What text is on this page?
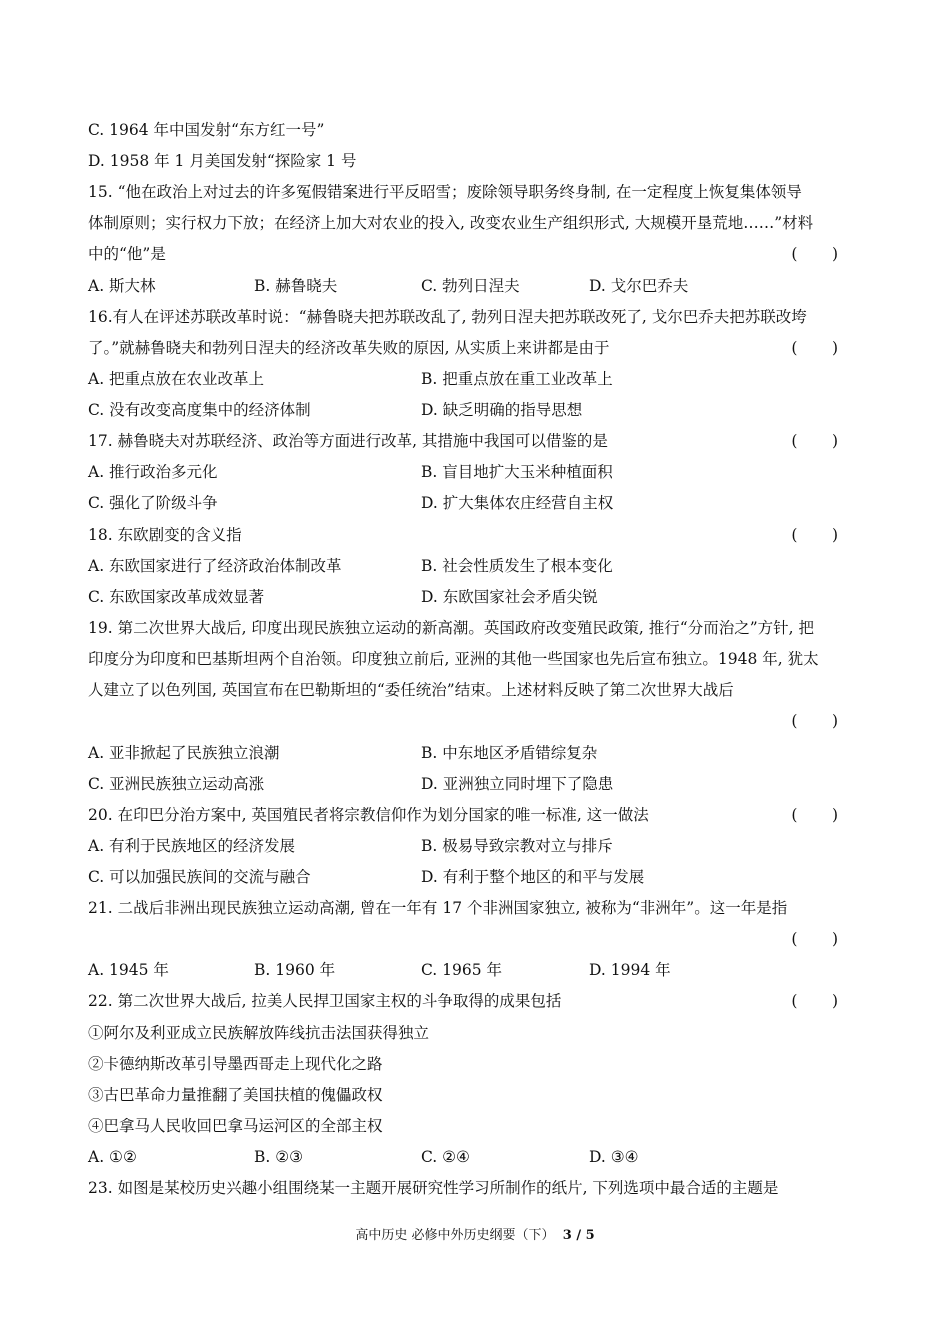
C. 1964 年中国发射“东方红一号”
D. 1958 年 1 月美国发射“探险家 1 号
15. “他在政治上对过去的许多冤假错案进行平反昭雪；废除领导职务终身制, 在一定程度上恢复集体领导
体制原则；实行权力下放；在经济上加大对农业的投入, 改变农业生产组织形式, 大规模开垦荒地……”材料
中的“他”是	(       )
A. 斯大林	B. 赫鲁晓夫	C. 勃列日涅夫	D. 戈尔巴乔夫
16.有人在评述苏联改革时说：“赫鲁晓夫把苏联改乱了, 勃列日涅夫把苏联改死了, 戈尔巴乔夫把苏联改垮
了。”就赫鲁晓夫和勃列日涅夫的经济改革失败的原因, 从实质上来讲都是由于	(       )
A. 把重点放在农业改革上	B. 把重点放在重工业改革上
C. 没有改变高度集中的经济体制	D. 缺乏明确的指导思想
17. 赫鲁晓夫对苏联经济、政治等方面进行改革, 其措施中我国可以借鉴的是	(       )
A. 推行政治多元化	B. 盲目地扩大玉米种植面积
C. 强化了阶级斗争	D. 扩大集体农庄经营自主权
18. 东欧剧变的含义指	(       )
A. 东欧国家进行了经济政治体制改革	B. 社会性质发生了根本变化
C. 东欧国家改革成效显著	D. 东欧国家社会矛盾尖锐
19. 第二次世界大战后, 印度出现民族独立运动的新高潮。英国政府改变殖民政策, 推行“分而治之”方针, 把
印度分为印度和巴基斯坦两个自治领。印度独立前后, 亚洲的其他一些国家也先后宣布独立。1948 年, 犹太
人建立了以色列国, 英国宣布在巴勒斯坦的“委任统治”结束。上述材料反映了第二次世界大战后
(       )
A. 亚非掀起了民族独立浪潮	B. 中东地区矛盾错综复杂
C. 亚洲民族独立运动高涨	D. 亚洲独立同时埋下了隐患
20. 在印巴分治方案中, 英国殖民者将宗教信仰作为划分国家的唯一标准, 这一做法	(       )
A. 有利于民族地区的经济发展	B. 极易导致宗教对立与排斥
C. 可以加强民族间的交流与融合	D. 有利于整个地区的和平与发展
21. 二战后非洲出现民族独立运动高潮, 曾在一年有 17 个非洲国家独立, 被称为“非洲年”。这一年是指
(       )
A. 1945 年	B. 1960 年	C. 1965 年	D. 1994 年
22. 第二次世界大战后, 拉美人民捍卫国家主权的斗争取得的成果包括	(       )
①阿尔及利亚成立民族解放阵线抗击法国获得独立
②卡德纳斯改革引导墨西哥走上现代化之路
③古巴革命力量推翻了美国扶植的傀儡政权
④巴拿马人民收回巴拿马运河区的全部主权
A. ①②	B. ②③	C. ②④	D. ③④
23. 如图是某校历史兴趣小组围绕某一主题开展研究性学习所制作的纸片, 下列选项中最合适的主题是
高中历史 必修中外历史纲要（下） 3 / 5
